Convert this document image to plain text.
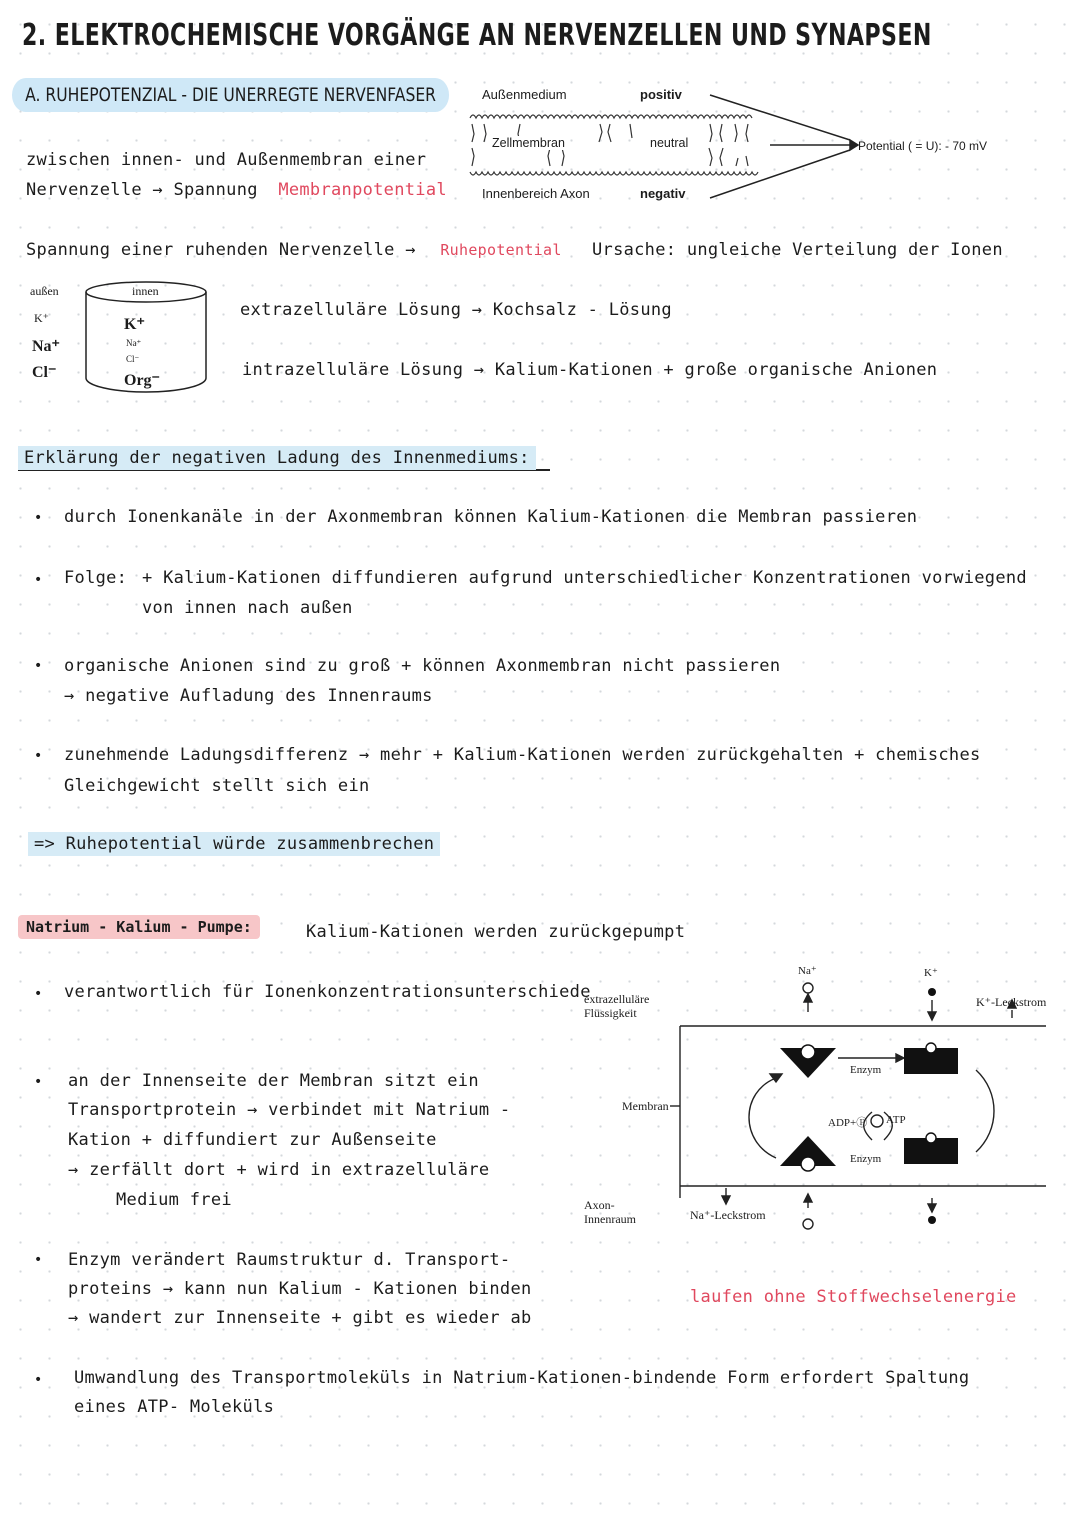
2. ELEKTROCHEMISCHE VORGÄNGE AN NERVENZELLEN UND SYNAPSEN
A. RUHEPOTENZIAL - DIE UNERREGTE NERVENFASER	Außenmedium	positiv
Zellmembran	neutral
Innenbereich Axon	negativ
Potential ( = U): - 70 mV
zwischen innen- und Außenmembran einer
Nervenzelle → Spannung Membranpotential
Spannung einer ruhenden Nervenzelle → Ruhepotential Ursache: ungleiche Verteilung der Ionen
außen	innen
K⁺
Na⁺
Cl⁻
K⁺
Na⁺
Cl⁻
Org⁻
extrazelluläre Lösung → Kochsalz - Lösung
intrazelluläre Lösung → Kalium-Kationen + große organische Anionen
Erklärung der negativen Ladung des Innenmediums:
• durch Ionenkanäle in der Axonmembran können Kalium-Kationen die Membran passieren
• Folge: + Kalium-Kationen diffundieren aufgrund unterschiedlicher Konzentrationen vorwiegend
von innen nach außen
• organische Anionen sind zu groß + können Axonmembran nicht passieren
→ negative Aufladung des Innenraums
• zunehmende Ladungsdifferenz → mehr + Kalium-Kationen werden zurückgehalten + chemisches
Gleichgewicht stellt sich ein
=> Ruhepotential würde zusammenbrechen
Natrium - Kalium - Pumpe:	Kalium-Kationen werden zurückgepumpt
• verantwortlich für Ionenkonzentrationsunterschiede
• an der Innenseite der Membran sitzt ein
Transportprotein → verbindet mit Natrium -
Kation + diffundiert zur Außenseite
→ zerfällt dort + wird in extrazelluläre
Medium frei
• Enzym verändert Raumstruktur d. Transport-
proteins → kann nun Kalium - Kationen binden
→ wandert zur Innenseite + gibt es wieder ab
• Umwandlung des Transportmoleküls in Natrium-Kationen-bindende Form erfordert Spaltung
eines ATP- Moleküls
Na⁺	K⁺
K⁺-Leckstrom
extrazelluläre Flüssigkeit
Membran
Enzym
ADP+Ⓟ ATP
Enzym
Axon- Innenraum	Na⁺-Leckstrom
laufen ohne Stoffwechselenergie
